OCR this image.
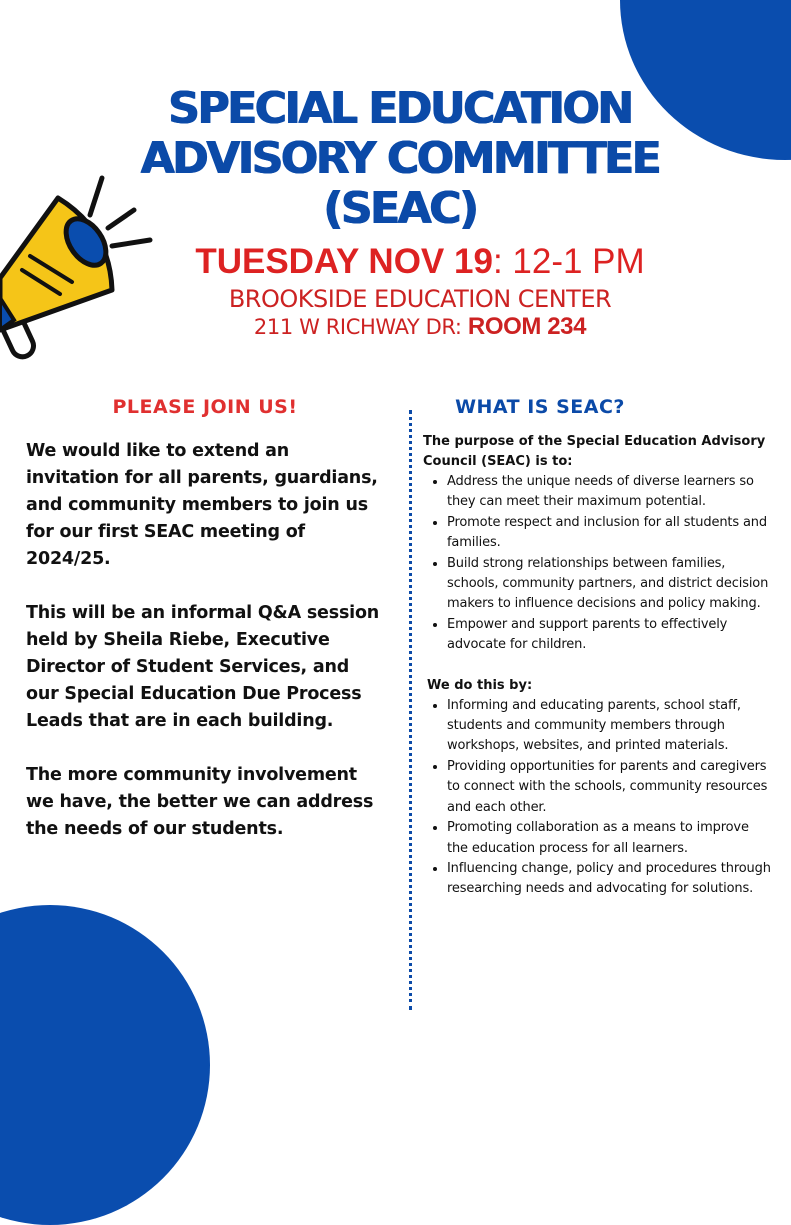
SPECIAL EDUCATION
ADVISORY COMMITTEE
(SEAC)
TUESDAY NOV 19: 12-1 PM
BROOKSIDE EDUCATION CENTER
211 W RICHWAY DR: ROOM 234
PLEASE JOIN US!	WHAT IS SEAC?

We would like to extend an invitation for all parents, guardians, and community members to join us for our first SEAC meeting of 2024/25.

This will be an informal Q&A session held by Sheila Riebe, Executive Director of Student Services, and our Special Education Due Process Leads that are in each building.

The more community involvement we have, the better we can address the needs of our students.

The purpose of the Special Education Advisory Council (SEAC) is to:

• Address the unique needs of diverse learners so they can meet their maximum potential.
• Promote respect and inclusion for all students and families.
• Build strong relationships between families, schools, community partners, and district decision makers to influence decisions and policy making.
• Empower and support parents to effectively advocate for children.

We do this by:

• Informing and educating parents, school staff, students and community members through workshops, websites, and printed materials.
• Providing opportunities for parents and caregivers to connect with the schools, community resources and each other.
• Promoting collaboration as a means to improve the education process for all learners.
• Influencing change, policy and procedures through researching needs and advocating for solutions.
